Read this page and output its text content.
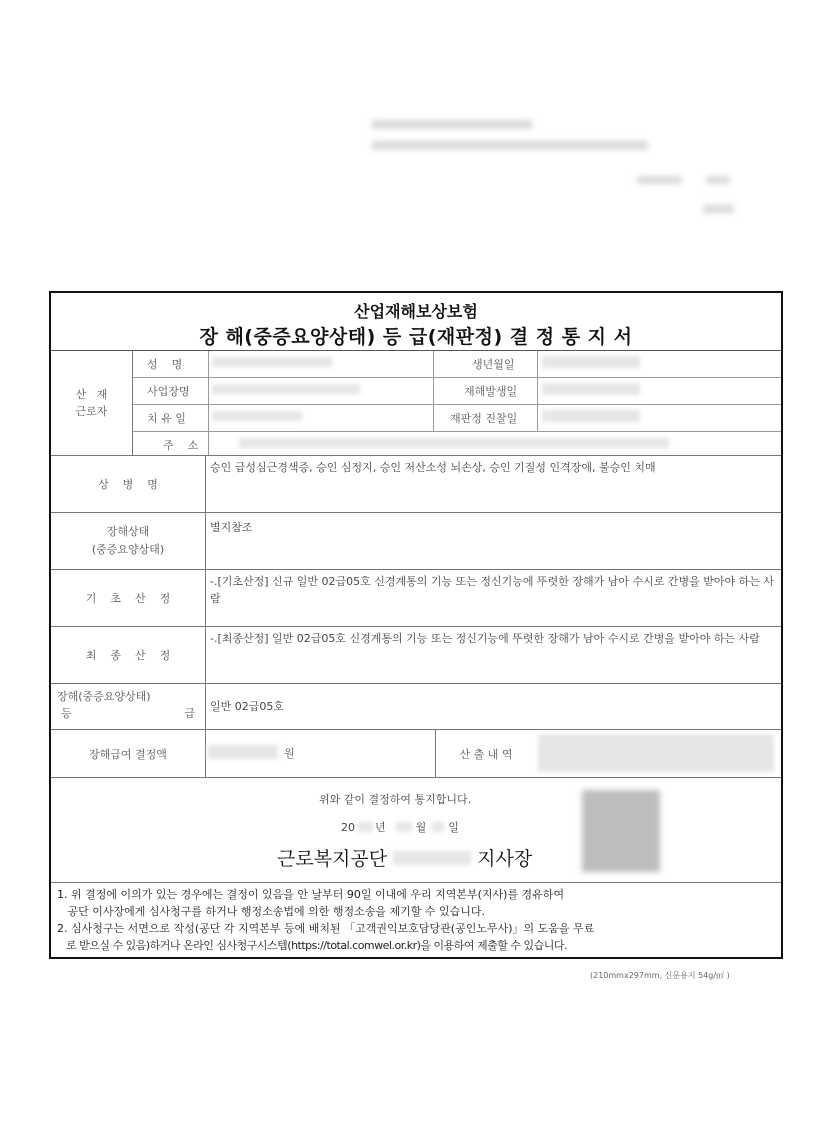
산업재해보상보험
장 해(중증요양상태) 등 급(재판정) 결 정 통 지 서
산   재
근로자
성    명	생년월일
사업장명	재해발생일
치 유 일	재판정 진찰일
주    소
상    병    명
승인 급성심근경색증, 승인 심정지, 승인 저산소성 뇌손상, 승인 기질성 인격장애, 불승인 치매
장해상태
(중증요양상태)
별지참조
기    초    산    정
-.[기초산정] 신규 일반 02급05호 신경계통의 기능 또는 정신기능에 뚜렷한 장해가 남아 수시로 간병을 받아야 하는 사람
최    종    산    정
-.[최종산정] 일반 02급05호 신경계통의 기능 또는 정신기능에 뚜렷한 장해가 남아 수시로 간병을 받아야 하는 사람
장해(중증요양상태)
등	급
일반 02급05호
장해급여 결정액	원	산 출 내 역
위와 같이 결정하여 통지합니다.
20 년	월 일
근로복지공단	지사장
1. 위 결정에 이의가 있는 경우에는 결정이 있음을 안 날부터 90일 이내에 우리 지역본부(지사)를 경유하여
공단 이사장에게 심사청구를 하거나 행정소송법에 의한 행정소송을 제기할 수 있습니다.
2. 심사청구는 서면으로 작성(공단 각 지역본부 등에 배치된 「고객권익보호담당관(공인노무사)」의 도움을 무료
로 받으실 수 있음)하거나 온라인 심사청구시스템(https://total.comwel.or.kr)을 이용하여 제출할 수 있습니다.
(210mmx297mm, 신문용지 54g/㎡ )
